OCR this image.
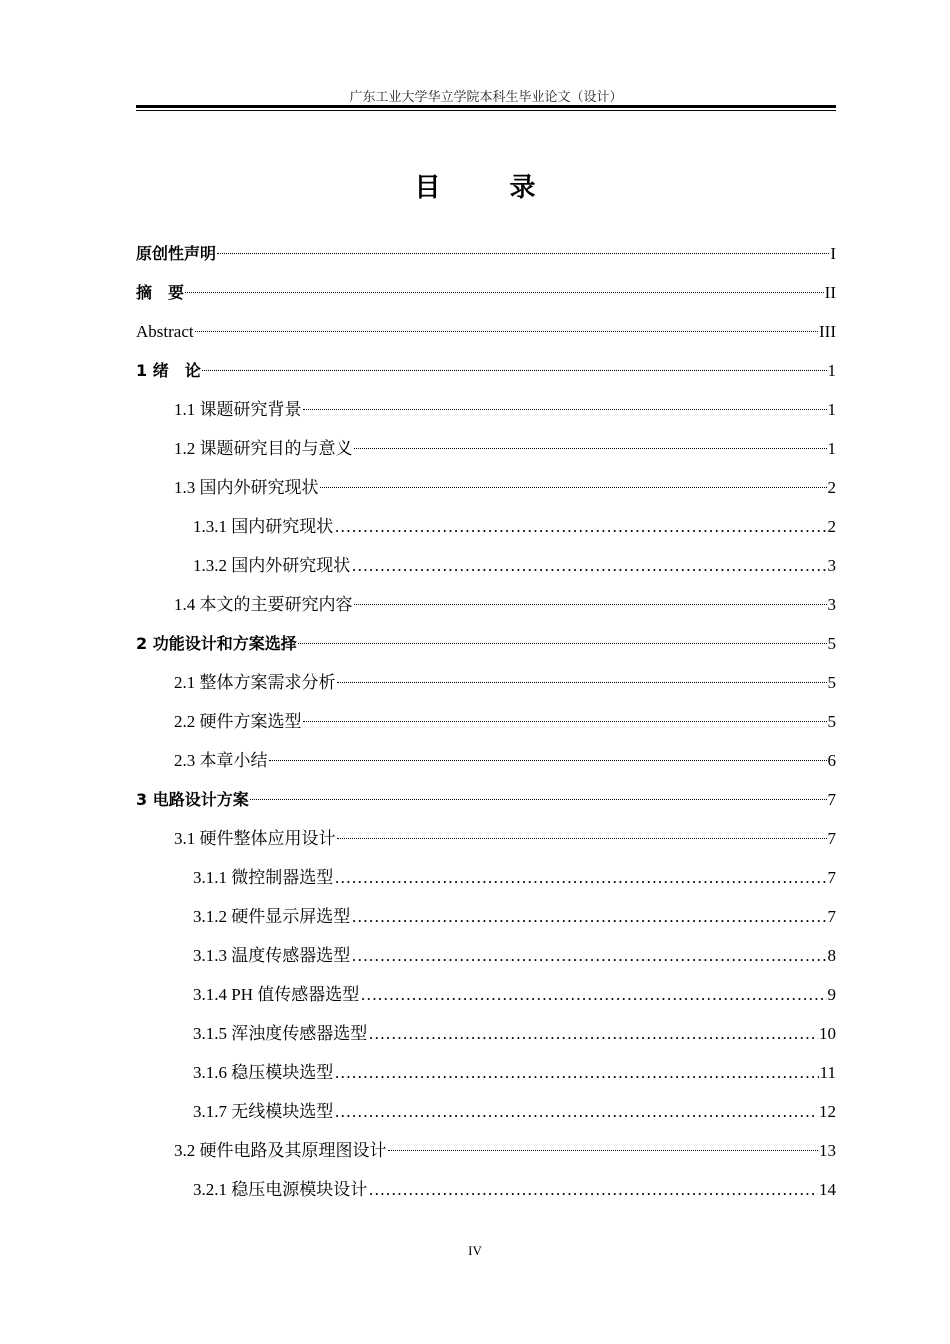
广东工业大学华立学院本科生毕业论文（设计）
目 录
原创性声明	I
摘　要	II
Abstract	III
1 绪　论	1
1.1 课题研究背景	1
1.2 课题研究目的与意义	1
1.3 国内外研究现状	2
1.3.1 国内研究现状 ……………………………………………………………………………………………………………………………………………………………………………………………………………………	2
1.3.2 国内外研究现状 ……………………………………………………………………………………………………………………………………………………………………………………………………………………	3
1.4 本文的主要研究内容	3
2 功能设计和方案选择	5
2.1 整体方案需求分析	5
2.2 硬件方案选型	5
2.3 本章小结	6
3 电路设计方案	7
3.1 硬件整体应用设计	7
3.1.1 微控制器选型 ……………………………………………………………………………………………………………………………………………………………………………………………………………………	7
3.1.2 硬件显示屏选型 ……………………………………………………………………………………………………………………………………………………………………………………………………………………	7
3.1.3 温度传感器选型 ……………………………………………………………………………………………………………………………………………………………………………………………………………………	8
3.1.4 PH 值传感器选型 ……………………………………………………………………………………………………………………………………………………………………………………………………………………	9
3.1.5 浑浊度传感器选型 ……………………………………………………………………………………………………………………………………………………………………………………………………………………	10
3.1.6 稳压模块选型 ……………………………………………………………………………………………………………………………………………………………………………………………………………………	11
3.1.7 无线模块选型 ……………………………………………………………………………………………………………………………………………………………………………………………………………………	12
3.2 硬件电路及其原理图设计	13
3.2.1 稳压电源模块设计 ……………………………………………………………………………………………………………………………………………………………………………………………………………………	14
IV
